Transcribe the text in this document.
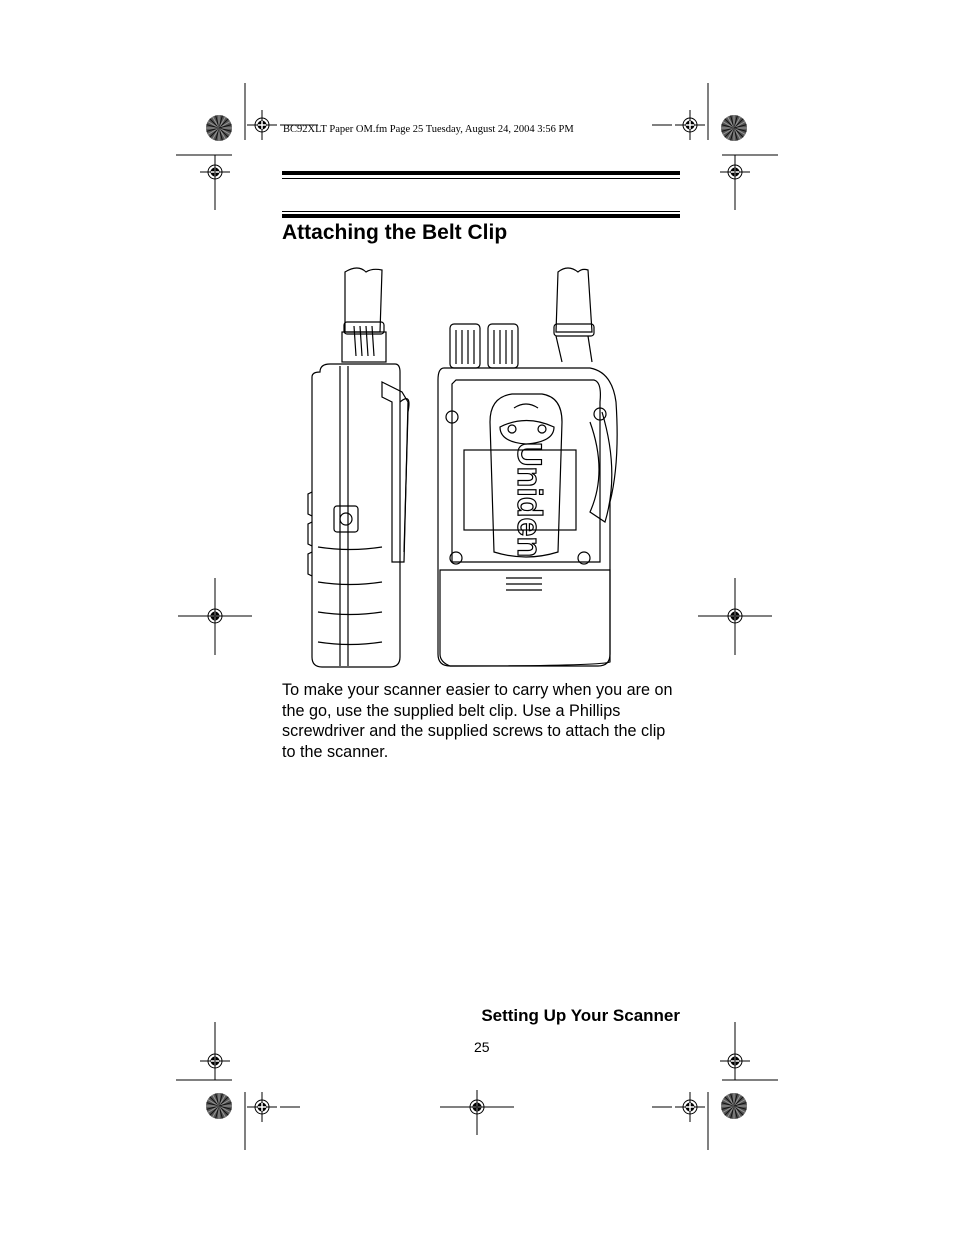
BC92XLT Paper OM.fm Page 25 Tuesday, August 24, 2004 3:56 PM
Attaching the Belt Clip
Uniden
To make your scanner easier to carry when you are on the go, use the supplied belt clip. Use a Phillips screwdriver and the supplied screws to attach the clip to the scanner.
Setting Up Your Scanner
25
